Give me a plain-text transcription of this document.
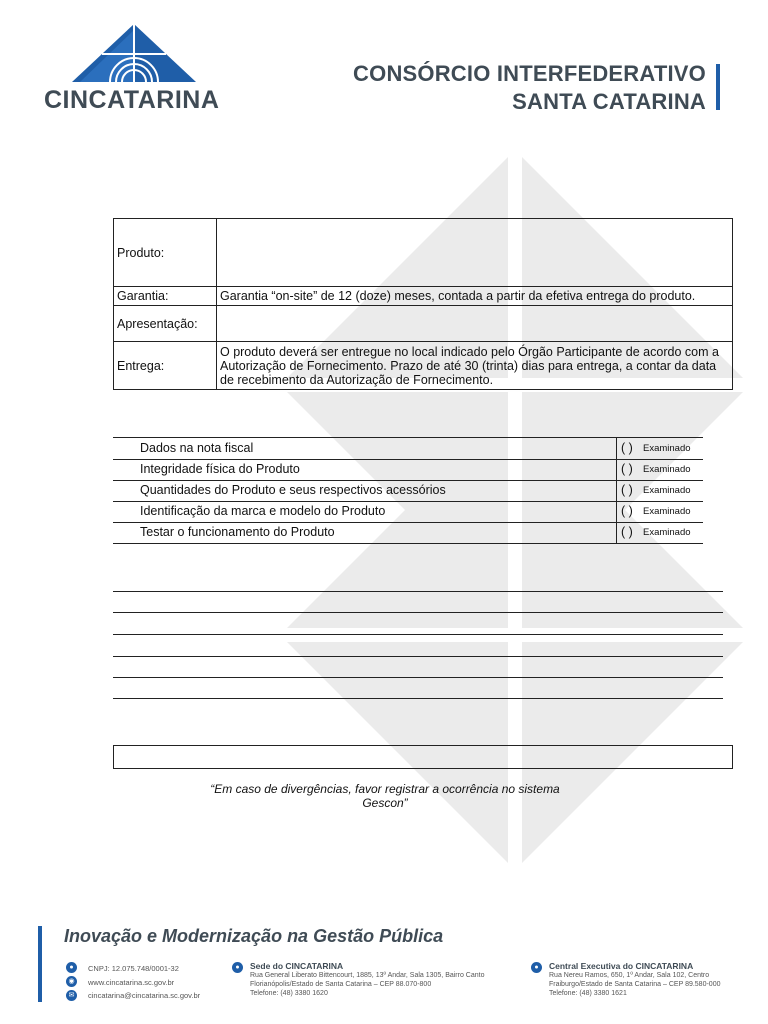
CINCATARINA
CONSÓRCIO INTERFEDERATIVO
SANTA CATARINA
Produto:	
Garantia:	Garantia “on-site” de 12 (doze) meses, contada a partir da efetiva entrega do produto.
Apresentação:	
Entrega:	O produto deverá ser entregue no local indicado pelo Órgão Participante de acordo com a Autorização de Fornecimento. Prazo de até 30 (trinta) dias para entrega, a contar da data de recebimento da Autorização de Fornecimento.
Dados na nota fiscal	( ) Examinado
Integridade física do Produto	( ) Examinado
Quantidades do Produto e seus respectivos acessórios	( ) Examinado
Identificação da marca e modelo do Produto	( ) Examinado
Testar o funcionamento do Produto	( ) Examinado
“Em caso de divergências, favor registrar a ocorrência no sistema Gescon”
Inovação e Modernização na Gestão Pública
●	CNPJ: 12.075.748/0001-32
◉	www.cincatarina.sc.gov.br
✉	cincatarina@cincatarina.sc.gov.br
●	Sede do CINCATARINA
Rua General Liberato Bittencourt, 1885, 13º Andar, Sala 1305, Bairro Canto
Florianópolis/Estado de Santa Catarina – CEP 88.070-800
Telefone: (48) 3380 1620
●	Central Executiva do CINCATARINA
Rua Nereu Ramos, 650, 1º Andar, Sala 102, Centro
Fraiburgo/Estado de Santa Catarina – CEP 89.580-000
Telefone: (48) 3380 1621
